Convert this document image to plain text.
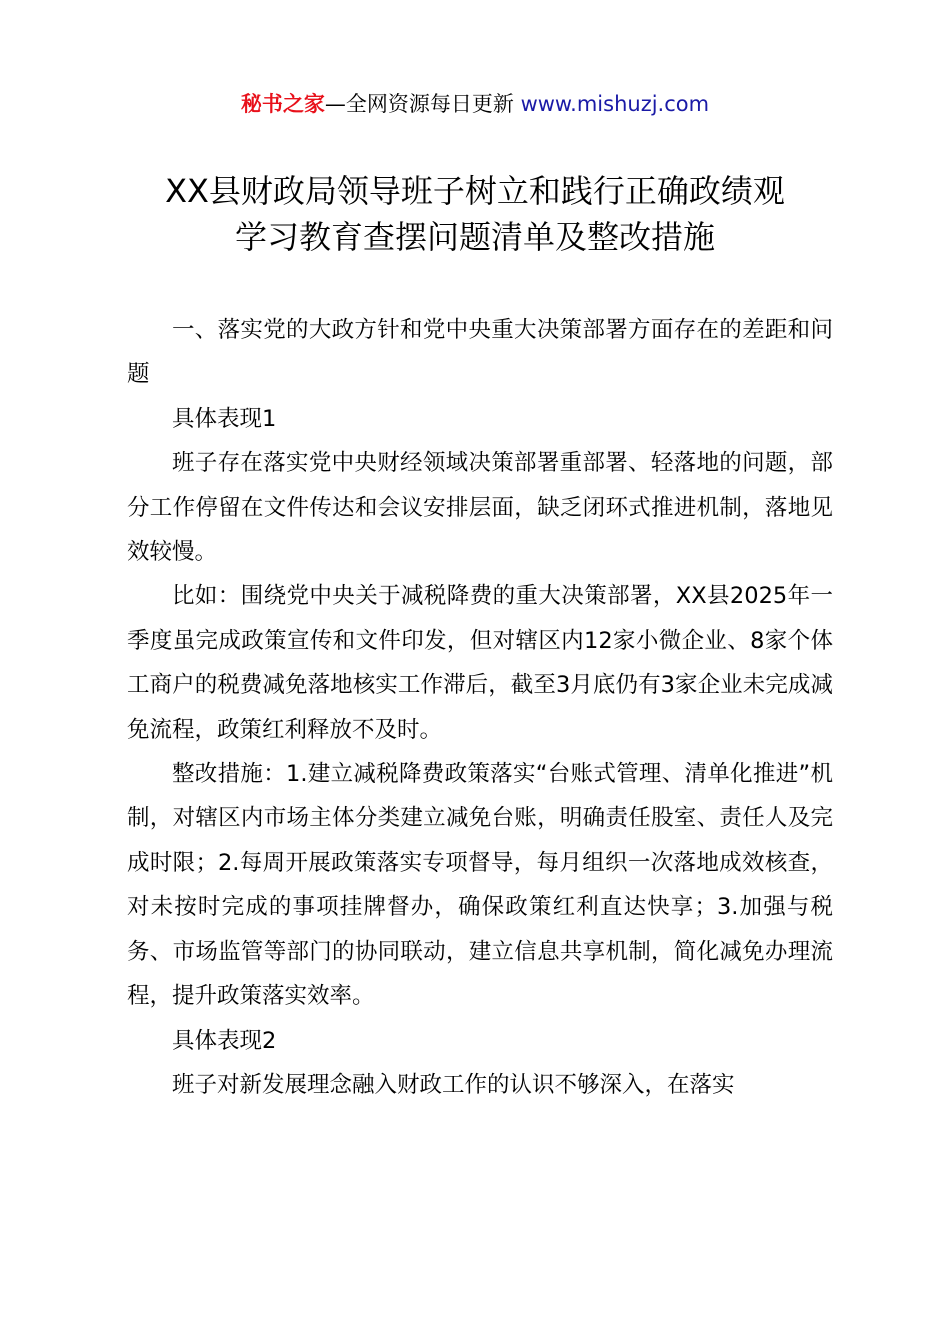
秘书之家—全网资源每日更新 www.mishuzj.com
XX县财政局领导班子树立和践行正确政绩观
学习教育查摆问题清单及整改措施

一、落实党的大政方针和党中央重大决策部署方面存在的差距和问题

具体表现1

班子存在落实党中央财经领域决策部署重部署、轻落地的问题，部分工作停留在文件传达和会议安排层面，缺乏闭环式推进机制，落地见效较慢。

比如：围绕党中央关于减税降费的重大决策部署，XX县2025年一季度虽完成政策宣传和文件印发，但对辖区内12家小微企业、8家个体工商户的税费减免落地核实工作滞后，截至3月底仍有3家企业未完成减免流程，政策红利释放不及时。

整改措施：1.建立减税降费政策落实“台账式管理、清单化推进”机制，对辖区内市场主体分类建立减免台账，明确责任股室、责任人及完成时限；2.每周开展政策落实专项督导，每月组织一次落地成效核查，对未按时完成的事项挂牌督办，确保政策红利直达快享；3.加强与税务、市场监管等部门的协同联动，建立信息共享机制，简化减免办理流程，提升政策落实效率。

具体表现2

班子对新发展理念融入财政工作的认识不够深入，在落实
